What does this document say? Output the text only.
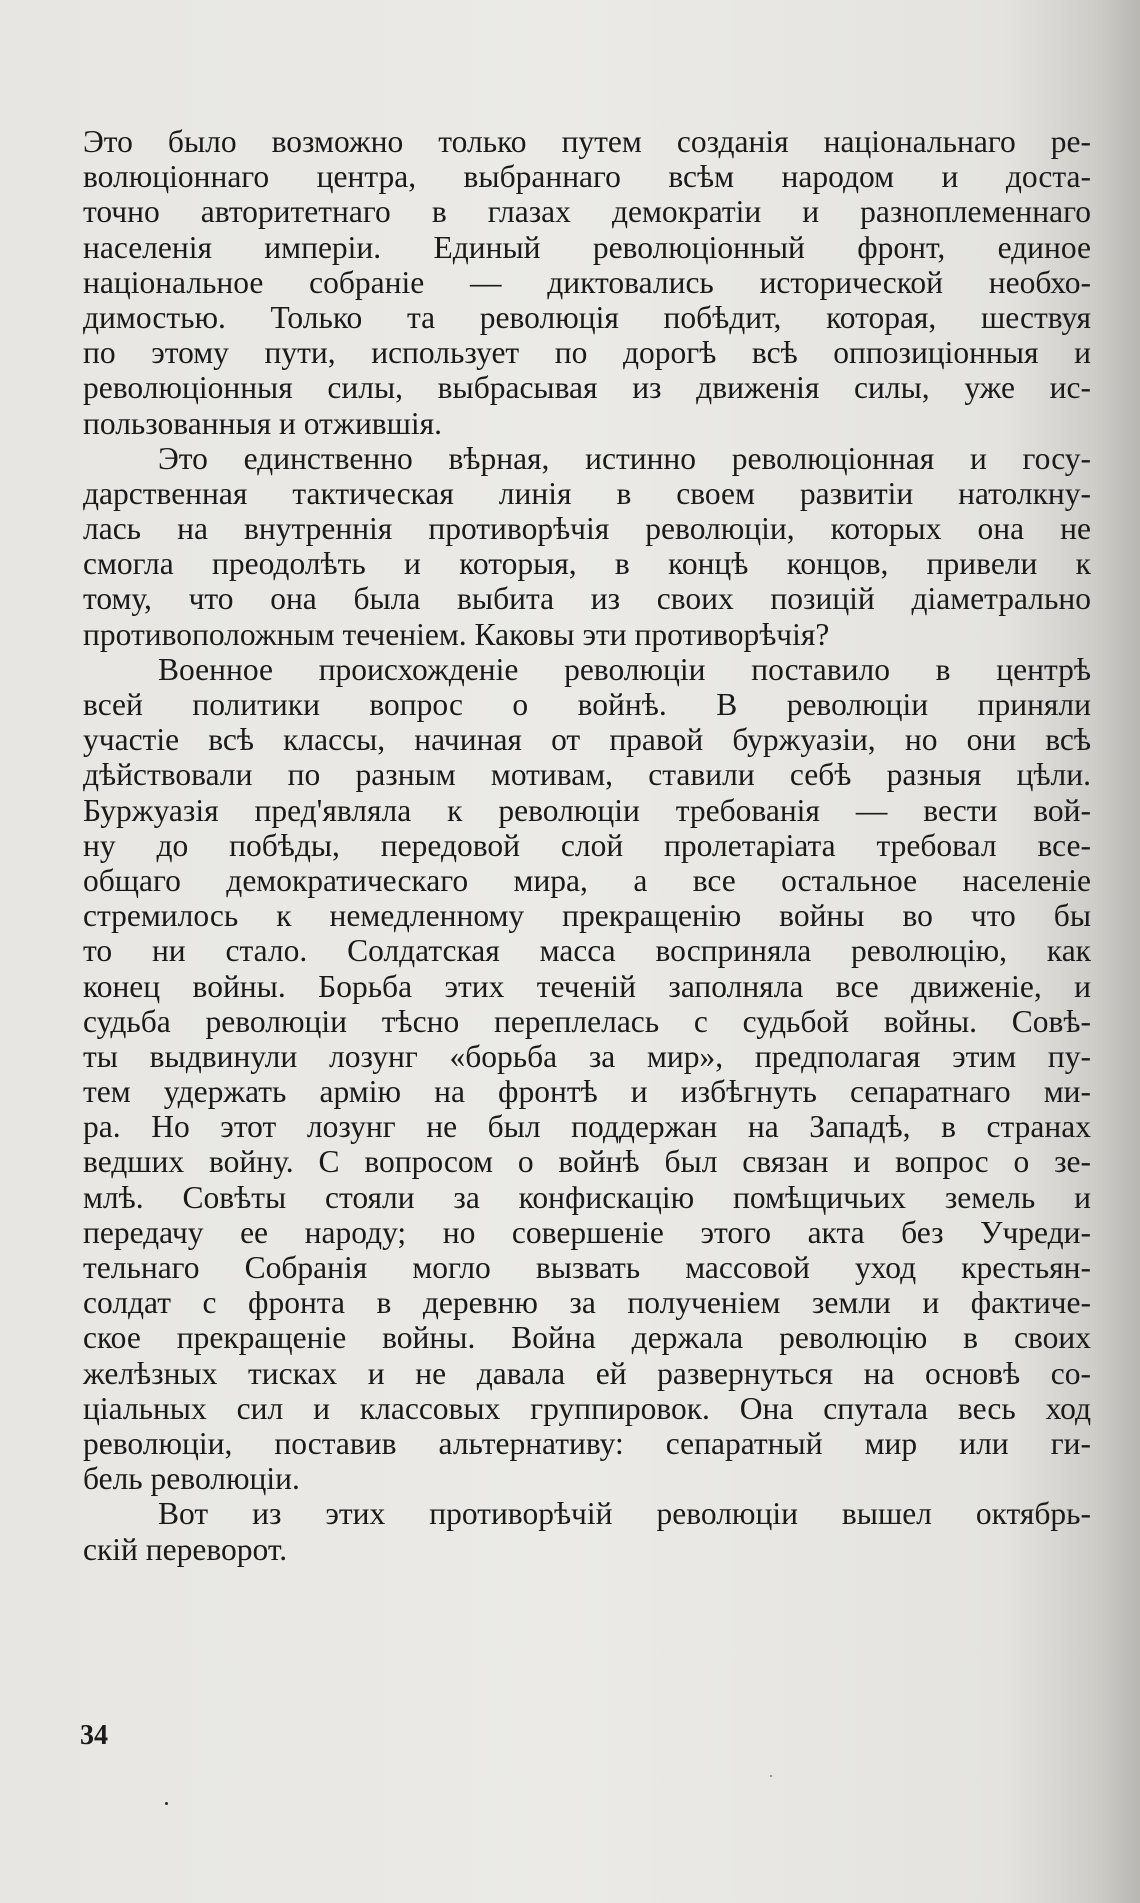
Это было возможно только путем созданія національнаго ре-
волюціоннаго центра, выбраннаго всѣм народом и доста-
точно авторитетнаго в глазах демократіи и разноплеменнаго
населенія имперіи. Единый революціонный фронт, единое
національное собраніе — диктовались исторической необхо-
димостью. Только та революція побѣдит, которая, шествуя
по этому пути, использует по дорогѣ всѣ оппозиціонныя и
революціонныя силы, выбрасывая из движенія силы, уже ис-
пользованныя и отжившія.

Это единственно вѣрная, истинно революціонная и госу-
дарственная тактическая линія в своем развитіи натолкну-
лась на внутреннія противорѣчія революціи, которых она не
смогла преодолѣть и которыя, в концѣ концов, привели к
тому, что она была выбита из своих позицій діаметрально
противоположным теченіем. Каковы эти противорѣчія?

Военное происхожденіе революціи поставило в центрѣ
всей политики вопрос о войнѣ. В революціи приняли
участіе всѣ классы, начиная от правой буржуазіи, но они всѣ
дѣйствовали по разным мотивам, ставили себѣ разныя цѣли.
Буржуазія пред'являла к революціи требованія — вести вой-
ну до побѣды, передовой слой пролетаріата требовал все-
общаго демократическаго мира, а все остальное населеніе
стремилось к немедленному прекращенію войны во что бы
то ни стало. Солдатская масса восприняла революцію, как
конец войны. Борьба этих теченій заполняла все движеніе, и
судьба революціи тѣсно переплелась с судьбой войны. Совѣ-
ты выдвинули лозунг «борьба за мир», предполагая этим пу-
тем удержать армію на фронтѣ и избѣгнуть сепаратнаго ми-
ра. Но этот лозунг не был поддержан на Западѣ, в странах
ведших войну. С вопросом о войнѣ был связан и вопрос о зе-
млѣ. Совѣты стояли за конфискацію помѣщичьих земель и
передачу ее народу; но совершеніе этого акта без Учреди-
тельнаго Собранія могло вызвать массовой уход крестьян-
солдат с фронта в деревню за полученіем земли и фактиче-
ское прекращеніе войны. Война держала революцію в своих
желѣзных тисках и не давала ей развернуться на основѣ со-
ціальных сил и классовых группировок. Она спутала весь ход
революціи, поставив альтернативу: сепаратный мир или ги-
бель революціи.

Вот из этих противорѣчій революціи вышел октябрь-
скій переворот.

34
